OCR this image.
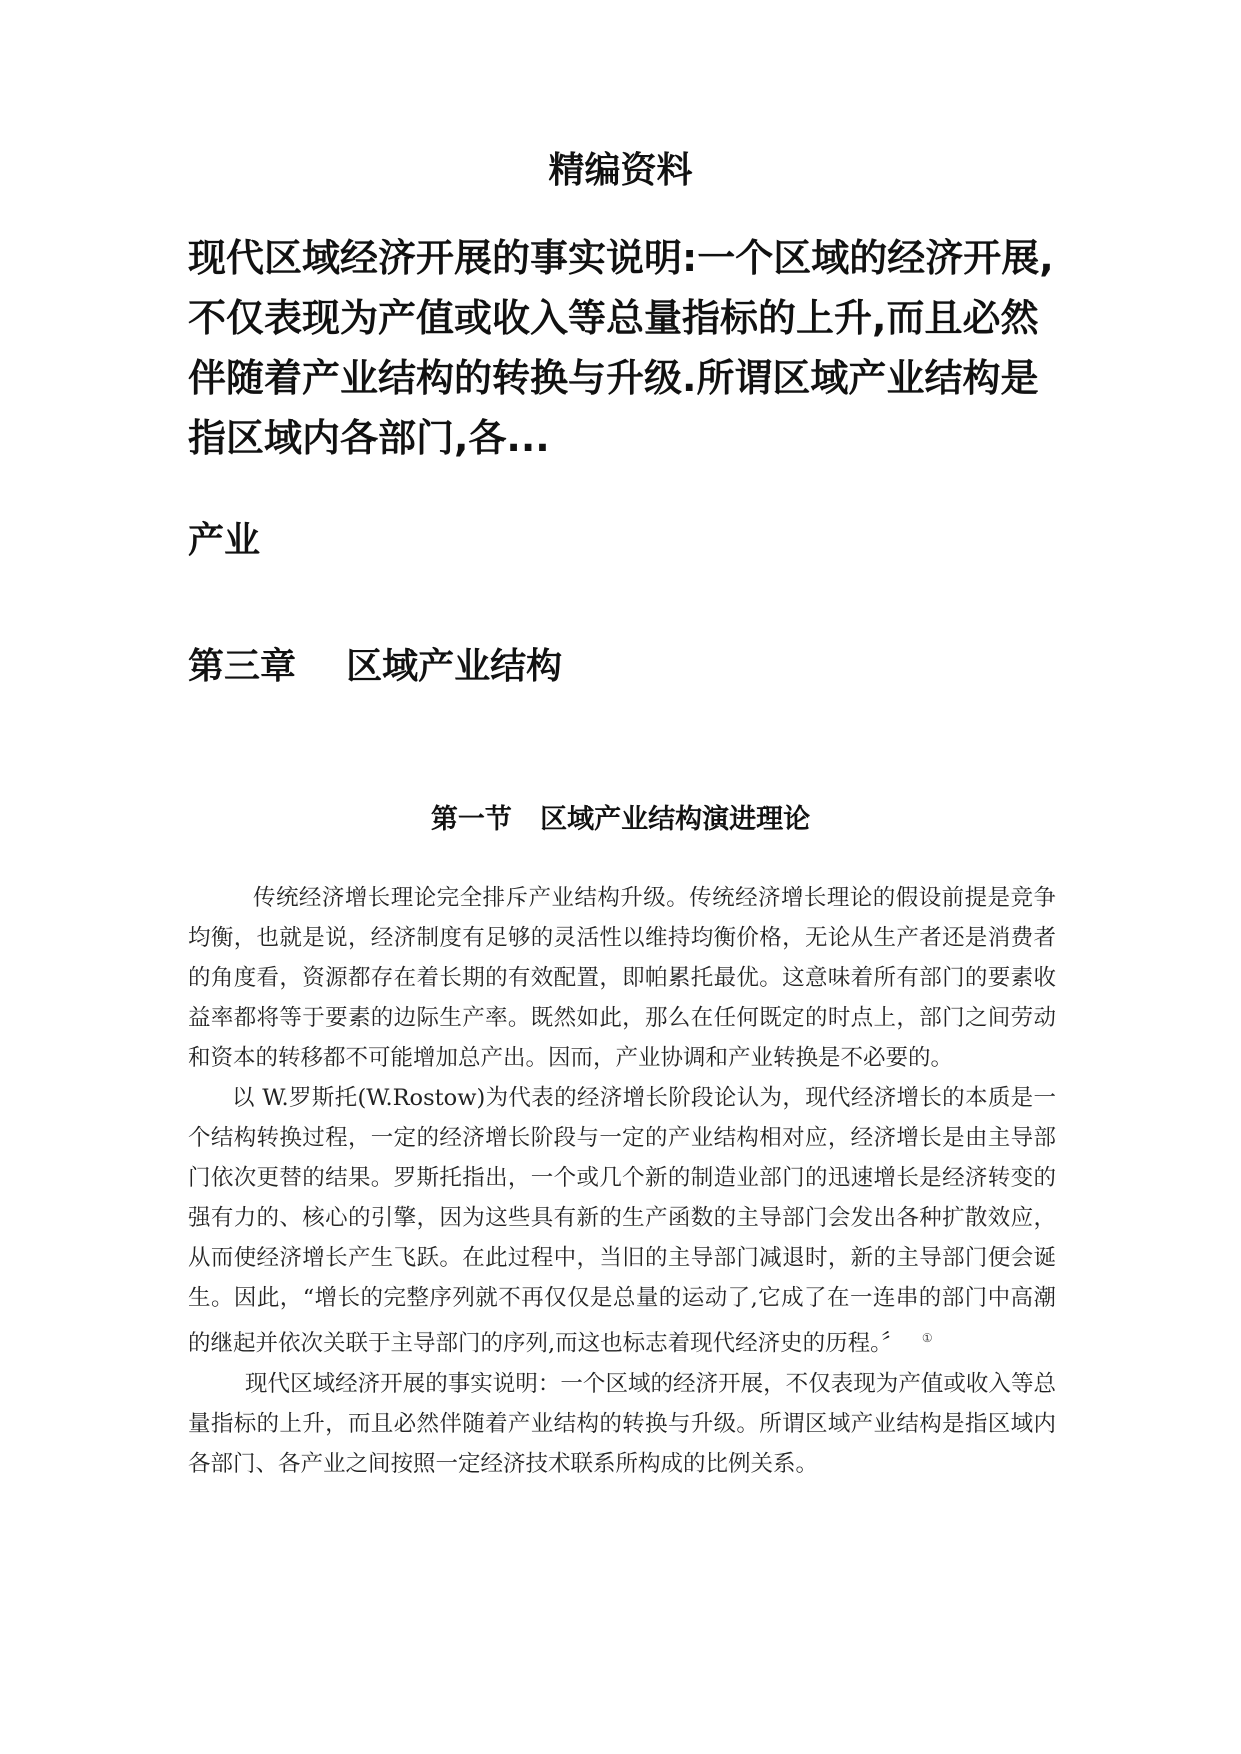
精编资料
现代区域经济开展的事实说明:一个区域的经济开展,
不仅表现为产值或收入等总量指标的上升,而且必然
伴随着产业结构的转换与升级.所谓区域产业结构是
指区域内各部门,各...
产业
第三章    区域产业结构
第一节   区域产业结构演进理论

传统经济增长理论完全排斥产业结构升级。传统经济增长理论的假设前提是竞争均衡，也就是说，经济制度有足够的灵活性以维持均衡价格，无论从生产者还是消费者的角度看，资源都存在着长期的有效配置，即帕累托最优。这意味着所有部门的要素收益率都将等于要素的边际生产率。既然如此，那么在任何既定的时点上，部门之间劳动和资本的转移都不可能增加总产出。因而，产业协调和产业转换是不必要的。

以 W.罗斯托(W.Rostow)为代表的经济增长阶段论认为，现代经济增长的本质是一个结构转换过程，一定的经济增长阶段与一定的产业结构相对应，经济增长是由主导部门依次更替的结果。罗斯托指出，一个或几个新的制造业部门的迅速增长是经济转变的强有力的、核心的引擎，因为这些具有新的生产函数的主导部门会发出各种扩散效应，从而使经济增长产生飞跃。在此过程中，当旧的主导部门减退时，新的主导部门便会诞生。因此，“增长的完整序列就不再仅仅是总量的运动了,它成了在一连串的部门中高潮的继起并依次关联于主导部门的序列,而这也标志着现代经济史的历程。〞 ①

现代区域经济开展的事实说明：一个区域的经济开展，不仅表现为产值或收入等总量指标的上升，而且必然伴随着产业结构的转换与升级。所谓区域产业结构是指区域内各部门、各产业之间按照一定经济技术联系所构成的比例关系。
